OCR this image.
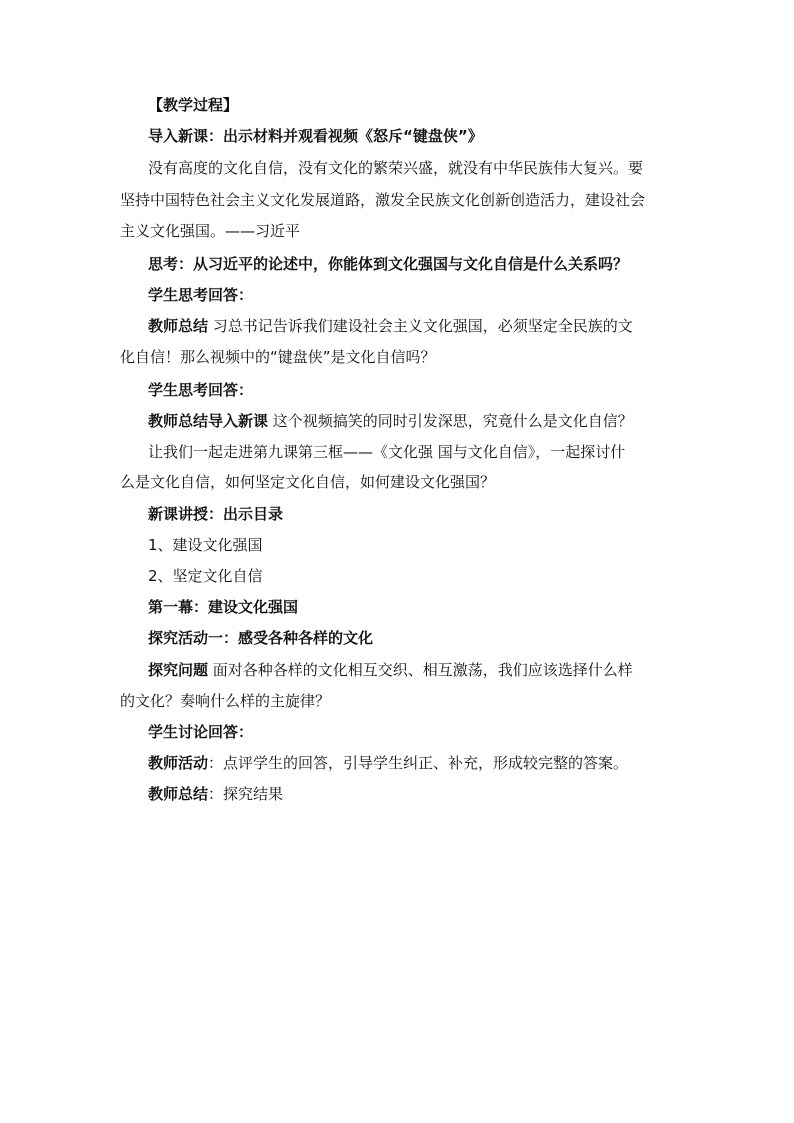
【教学过程】
导入新课：出示材料并观看视频《怒斥“键盘侠”》
没有高度的文化自信，没有文化的繁荣兴盛，就没有中华民族伟大复兴。要
坚持中国特色社会主义文化发展道路，激发全民族文化创新创造活力，建设社会
主义文化强国。——习近平
思考：从习近平的论述中，你能体到文化强国与文化自信是什么关系吗？
学生思考回答：
教师总结 习总书记告诉我们建设社会主义文化强国，必须坚定全民族的文
化自信！那么视频中的“键盘侠”是文化自信吗？
学生思考回答：
教师总结导入新课 这个视频搞笑的同时引发深思，究竟什么是文化自信？
让我们一起走进第九课第三框——《文化强 国与文化自信》，一起探讨什
么是文化自信，如何坚定文化自信，如何建设文化强国？
新课讲授：出示目录
1、建设文化强国
2、坚定文化自信
第一幕：建设文化强国
探究活动一：感受各种各样的文化
探究问题 面对各种各样的文化相互交织、相互激荡，我们应该选择什么样
的文化？奏响什么样的主旋律？
学生讨论回答：
教师活动：点评学生的回答，引导学生纠正、补充，形成较完整的答案。
教师总结：探究结果
